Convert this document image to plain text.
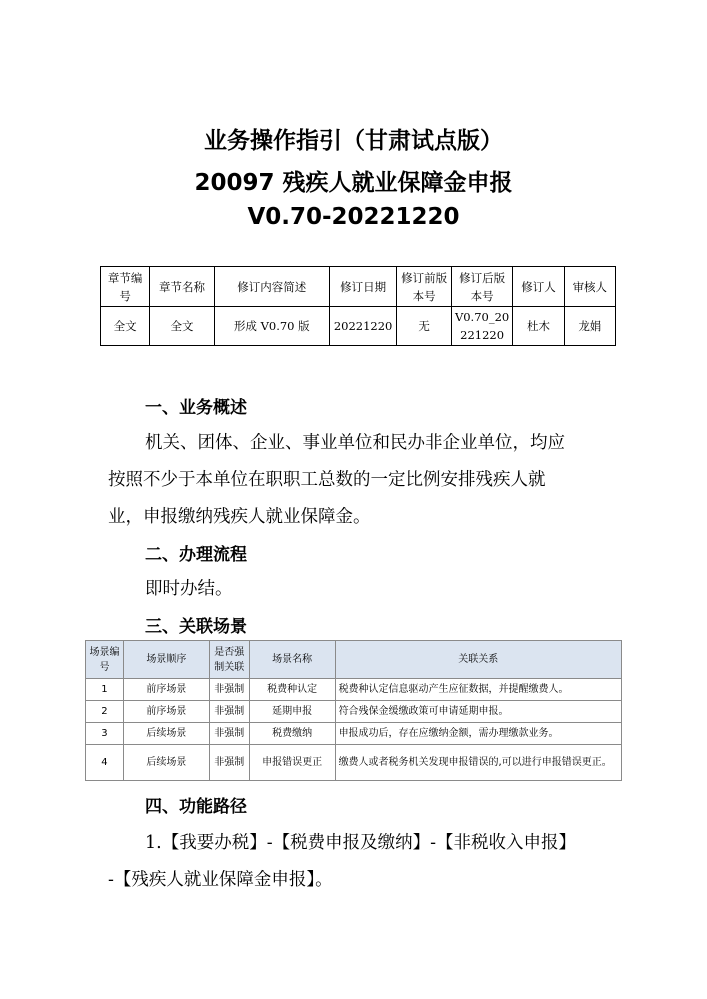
业务操作指引（甘肃试点版）
20097 残疾人就业保障金申报
V0.70-20221220
章节编号	章节名称	修订内容简述	修订日期	修订前版本号	修订后版本号	修订人	审核人
全文	全文	形成 V0.70 版	20221220	无	V0.70_20221220	杜木	龙娟
一、业务概述
机关、团体、企业、事业单位和民办非企业单位，均应
按照不少于本单位在职职工总数的一定比例安排残疾人就
业，申报缴纳残疾人就业保障金。
二、办理流程
即时办结。
三、关联场景
场景编号	场景顺序	是否强制关联	场景名称	关联关系
1	前序场景	非强制	税费种认定	税费种认定信息驱动产生应征数据，并提醒缴费人。
2	前序场景	非强制	延期申报	符合残保金缓缴政策可申请延期申报。
3	后续场景	非强制	税费缴纳	申报成功后，存在应缴纳金额，需办理缴款业务。
4	后续场景	非强制	申报错误更正	缴费人或者税务机关发现申报错误的,可以进行申报错误更正。
四、功能路径
1.【我要办税】-【税费申报及缴纳】-【非税收入申报】
-【残疾人就业保障金申报】。
